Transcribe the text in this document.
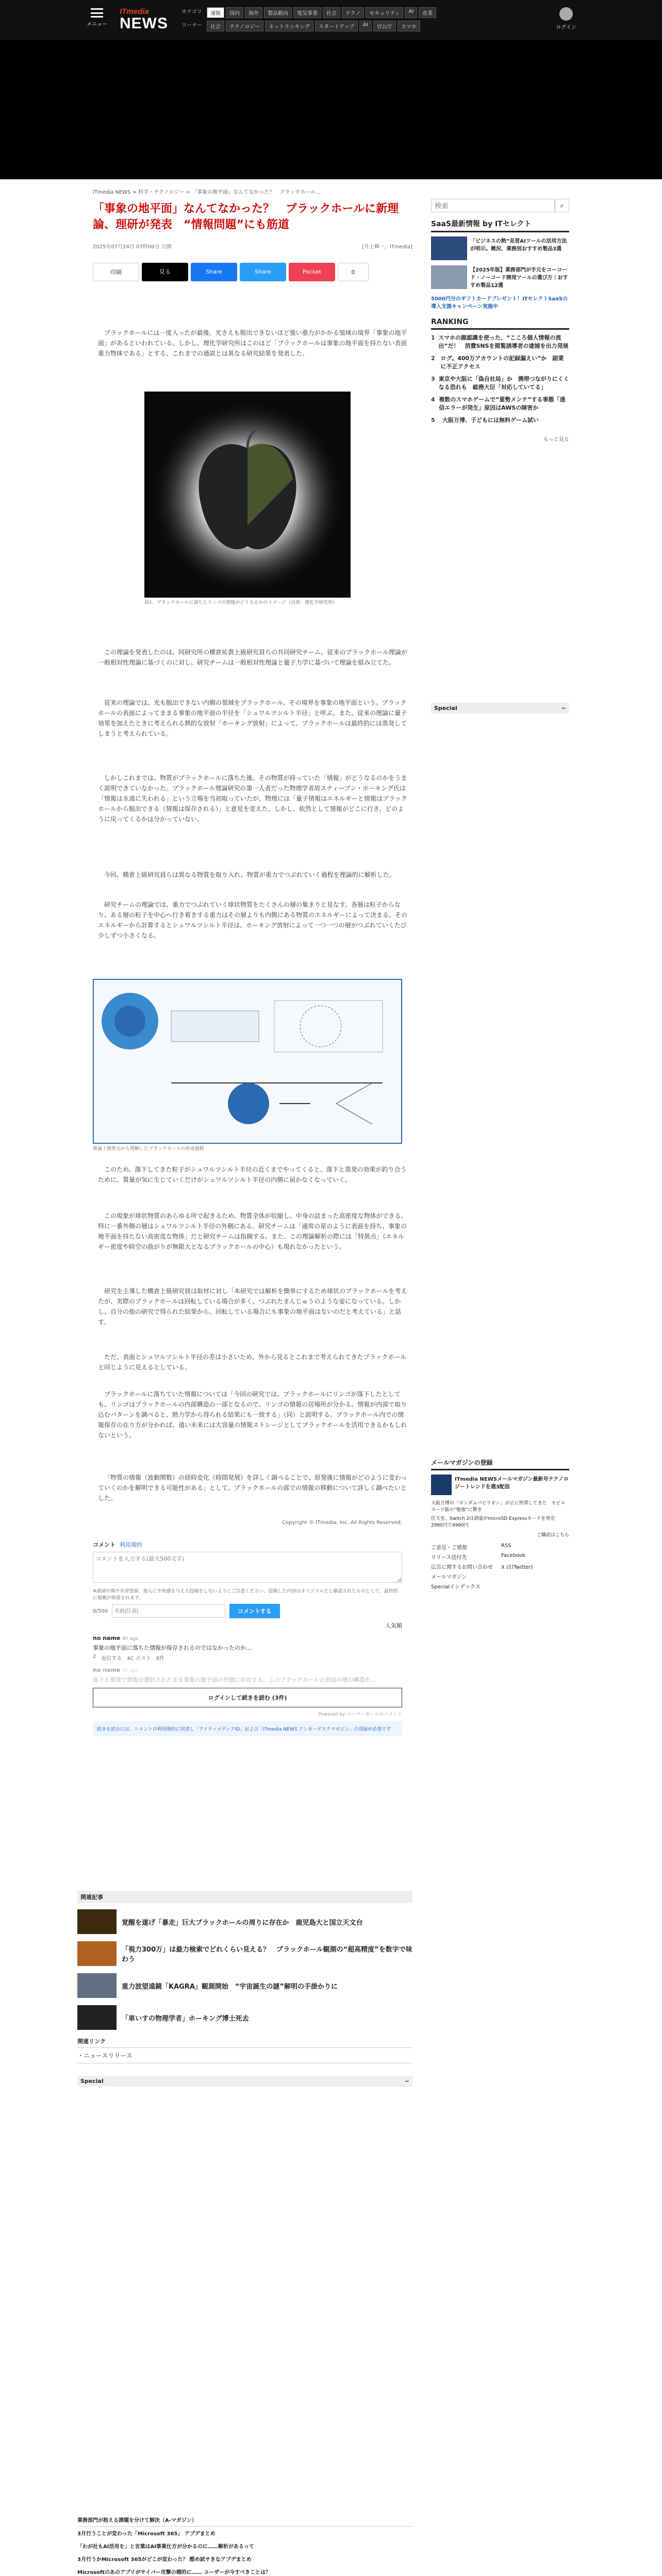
メニュー
ITmedia
NEWS
カテゴリ	速報	国内	海外	製品動向	電気事業	社会	テクノ	セキュリティ	AI	産業
コーナー	社会	テクノロジー	ネットランキング	スタートアップ	AI	官公庁	スマホ	ログイン
ITmedia NEWS > 科学・テクノロジー > 「事象の地平面」なんてなかった？　ブラックホール…
「事象の地平面」なんてなかった？　ブラックホールに新理論、理研が発表　“情報問題”にも筋道
2025年07月24日 07時00分 公開	[井上輝一，ITmedia]
印刷	見る	Share	Share	Pocket	0

ブラックホールには一度入ったが最後、光さえも脱出できないほど強い重力がかかる領域の境界「事象の地平面」があるといわれている。しかし、理化学研究所はこのほど「ブラックホールは事象の地平面を持たない表面重力物体である」とする、これまでの通説とは異なる研究結果を発表した。

図1．ブラックホールに落ちたリンゴの情報がどうなるかのイメージ（出典：理化学研究所）

この理論を発表したのは、同研究所の横倉祐貴上級研究員らの共同研究チーム。従来のブラックホール理論が一般相対性理論に基づくのに対し、研究チームは一般相対性理論と量子力学に基づいて理論を組み立てた。

従来の理論では、光も脱出できない内側の領域をブラックホール、その境界を事象の地平面という。ブラックホールの表面によってままる事象の地平面の半径を「シュワルツシルト半径」と呼ぶ。また、従来の理論に量子効果を加えたときに考えられる熱的な放射「ホーキング放射」によって、ブラックホールは最終的には蒸発してしまうと考えられている。

しかしこれまでは、物質がブラックホールに落ちた後、その物質が持っていた「情報」がどうなるのかをうまく説明できていなかった。ブラックホール理論研究の第一人者だった物理学者故スティーブン・ホーキング氏は「情報は永遠に失われる」という立場を当初取っていたが、物理には「量子情報はエネルギーと情報はブラックホールから脱出できる（情報は保存される）」と意見を変えた。しかし、依然として情報がどこに行き、どのように戻ってくるかは分かっていない。

今回、横倉上級研究員らは異なる物質を取り入れ、物質が重力でつぶれていく過程を理論的に解析した。

研究チームの理論では、重力でつぶれていく球状物質をたくさんの層の集まりと見なす。各層は粒子からなり、ある層の粒子を中心へ行き着きする重力はその層よりも内側にある物質のエネルギーによって決まる。そのエネルギーから計算するとシュワルツシルト半径は、ホーキング放射によって一つ一つの層がつぶれていくたび少しずつ小さくなる。

理論上提供元から理解したブラックホールの形成過程

このため、落下してきた粒子がシュワルツシルト半径の近くまでやってくると、落下と蒸発の効果が釣り合うために、質量が気に生じていくだけがシュワルツシルト半径の内側に届かなくなっていく。

この現象が球状物質のあらゆる所で起きるため、物質全体が収縮し、中身の詰まった高密度な物体ができる。特に一番外側の層はシュワルツシルト半径の外側にある。研究チームは「通常の星のように表面を持ち、事象の地平面を持たない高密度な物体」だと研究チームは指摘する。また、この理論解析の際には「特異点」（エネルギー密度や時空の曲がりが無限大となるブラックホールの中心）も現れなかったという。

研究を主導した横倉上級研究員は取材に対し「本研究では解析を簡単にするため球状のブラックホールを考えたが、実際のブラックホールは回転している場合が多く、つぶれたまんじゅうのような姿になっている。しかし、自分の他の研究で得られた結果から、回転している場合にも事象の地平面はないのだと考えている」と話す。

ただ、表面とシュワルツシルト半径の差は小さいため、外から見るとこれまで考えられてきたブラックホールと同じように見えるとしている。

ブラックホールに落ちていた情報については「今回の研究では、ブラックホールにリンゴが落下したとしても、リンゴはブラックホールの内部構造の一部となるので、リンゴの情報の居場所が分かる。情報が内部で取り込むパターンを調べると、熱力学から得られる結果にも一致する」（同）と説明する。ブラックホール内での情報保存の在り方が分かれば、遠い未来には大容量の情報ストレージとしてブラックホールを活用できるかもしれないという。

「物質の情報（波動関数）の経時変化（時間発展）を詳しく調べることで、原発後に情報がどのように変わっていくのかを解明できる可能性がある」として、ブラックホールの部での情報の移動について詳しく調べたいとした。

Copyright © ITmedia, Inc. All Rights Reserved.
コメント 利用規約
コメントを入力する(最大500文字)
※誹謗中傷や名誉毀損、他人に不快感を与える投稿をしないようにご注意ください。投稿した内容はオリジナルだと確認されたものとして、最終的に掲載が保留されます。
0/500
名前(任意)	コメントする
人気順
no name 4h ago
事象の地平面に落ちた情報が保存されるのではなかったのか…
2 返信する 4C ポスト 8件
no name 5h ago
落下と蒸発で情報が選択されたまま事象の地平面の外側に存在する。このブラックホールの表面の層の構造が…
ログインして続きを読む (3件)
Powered by コーマーガールのコメント
続きを読むには、コメントの利用規約に同意し「アイティメディアID」および「ITmedia NEWS アンカーデスクマガジン」の登録が必要です
関連記事
覚醒を遂げ「暴走」巨大ブラックホールの周りに存在か　鹿児島大と国立天文台
「視力300万」は最力検索でどれくらい見える？　ブラックホール観測の“超高精度”を数字で味わう
重力波望遠鏡「KAGRA」観測開始　“宇宙誕生の謎”解明の手掛かりに
「車いすの物理学者」ホーキング博士死去
関連リンク
・ニュースリリース
Special	−
業務部門が抱える課題を分けて解決（A-マガジン）
3月行うことが変わった「Microsoft 365」 アプデまとめ
「わが社もAI活用を」と言葉はAI事業仕方が分かるのに……解析があるって
3月行うかMicrosoft 365がどこが変わった？ 酷め試サきなアプデまとめ
Microsoftのあのアプリがサイバー攻撃の標的に…… ユーザーが今すべきことは？
検索
⌕
SaaS最新情報 by ITセレクト
「ビジネスの熱”見習AIツールの活用方法が明示。概況、業務別おすすめ製品3選
【2025年版】業務部門が手元をコーコード・ノーコード開発ツールの選び方｜おすすめ製品12選
5000円分のギフトカードプレゼント！ITセレクトSaaSの導入支援キャンペーン実施中
RANKING
1 スマホの顔認識を使った、“こころ個人情報の流出”だ！　消費SNSを閲覧誘導者の逮捕を出力発展
2	ログ。400万アカウントの記録漏えい”か　副業に不正アクセス
3 東京や大阪に「偽自社局」か　携帯つながりにくくなる恐れも　総務大臣「対応していてる」
4 複数のスマホゲームで“重勢メンテ”する事態「通信エラーが発生」原因はAWSの障害か
5	大阪万博、子どもには無料ゲーム試い
もっと見る
Special	−
メールマガジンの登録
ITmedia NEWSメールマガジン最新号テクノロジートレンドを週3配信
大阪万博の「ボンダムパビリオン」が正に停滞してきた　モビルスーツ級の“勉強”に驚き
任天堂、Switch 2は酒量がmicroSD Expressカードを発売　2980円で4980円
ご購読はこちら
ご意見・ご感想	RSS
リリース送付先	Facebook
広告に関するお問い合わせ	X (旧Twitter)
メールマガジン
Specialインデックス
